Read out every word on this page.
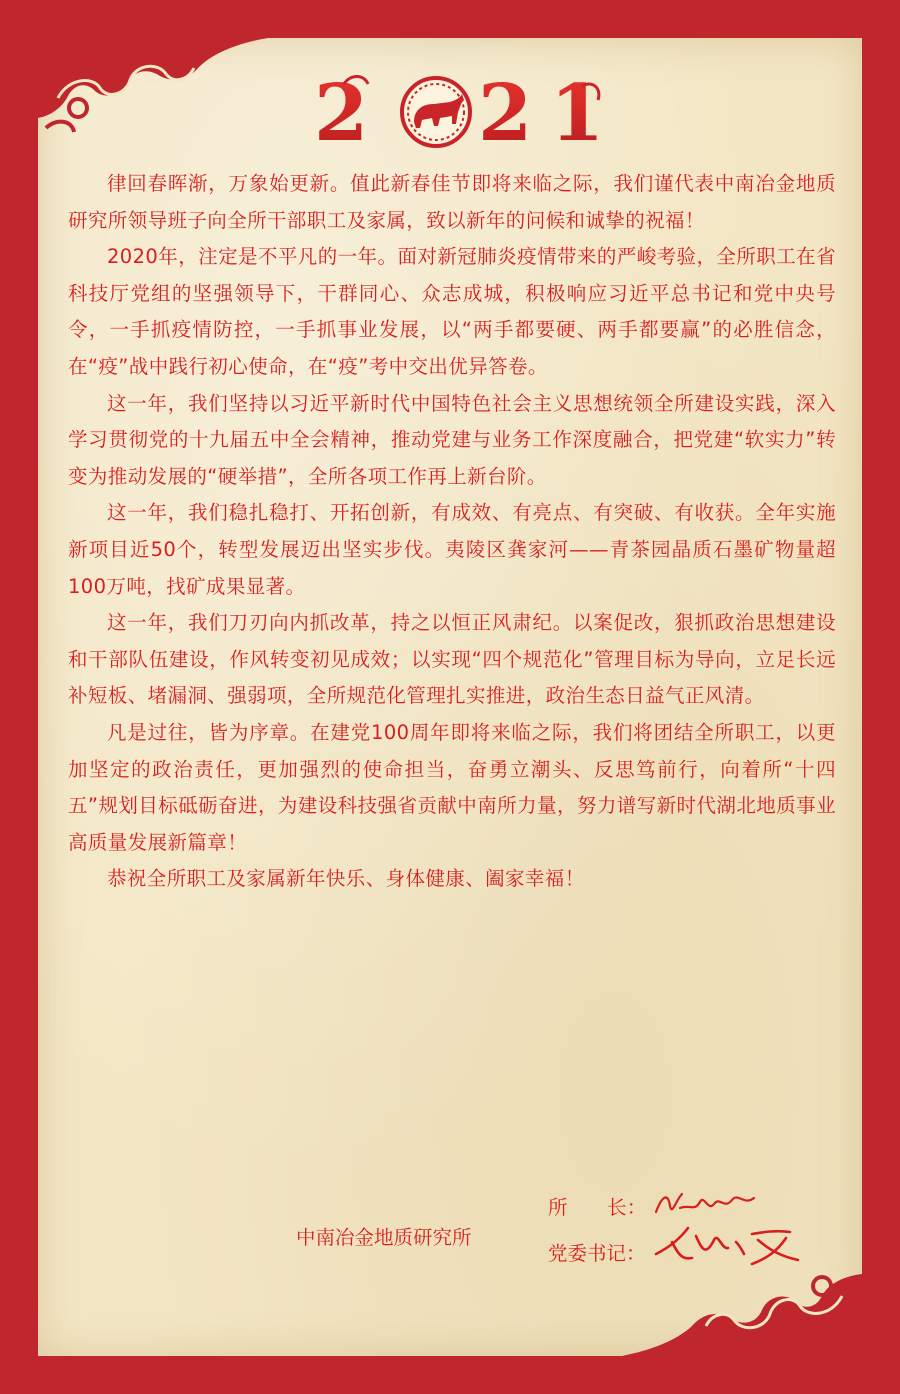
2	0 2 1

律回春晖渐，万象始更新。值此新春佳节即将来临之际，我们谨代表中南冶金地质研究所领导班子向全所干部职工及家属，致以新年的问候和诚挚的祝福！

2020年，注定是不平凡的一年。面对新冠肺炎疫情带来的严峻考验，全所职工在省科技厅党组的坚强领导下，干群同心、众志成城，积极响应习近平总书记和党中央号令，一手抓疫情防控，一手抓事业发展，以“两手都要硬、两手都要赢”的必胜信念，在“疫”战中践行初心使命，在“疫”考中交出优异答卷。

这一年，我们坚持以习近平新时代中国特色社会主义思想统领全所建设实践，深入学习贯彻党的十九届五中全会精神，推动党建与业务工作深度融合，把党建“软实力”转变为推动发展的“硬举措”，全所各项工作再上新台阶。

这一年，我们稳扎稳打、开拓创新，有成效、有亮点、有突破、有收获。全年实施新项目近50个，转型发展迈出坚实步伐。夷陵区龚家河——青茶园晶质石墨矿物量超100万吨，找矿成果显著。

这一年，我们刀刃向内抓改革，持之以恒正风肃纪。以案促改，狠抓政治思想建设和干部队伍建设，作风转变初见成效；以实现“四个规范化”管理目标为导向，立足长远补短板、堵漏洞、强弱项，全所规范化管理扎实推进，政治生态日益气正风清。

凡是过往，皆为序章。在建党100周年即将来临之际，我们将团结全所职工，以更加坚定的政治责任，更加强烈的使命担当，奋勇立潮头、反思笃前行，向着所“十四五”规划目标砥砺奋进，为建设科技强省贡献中南所力量，努力谱写新时代湖北地质事业高质量发展新篇章！

恭祝全所职工及家属新年快乐、身体健康、阖家幸福！

中南冶金地质研究所
所　　长：
党委书记：
